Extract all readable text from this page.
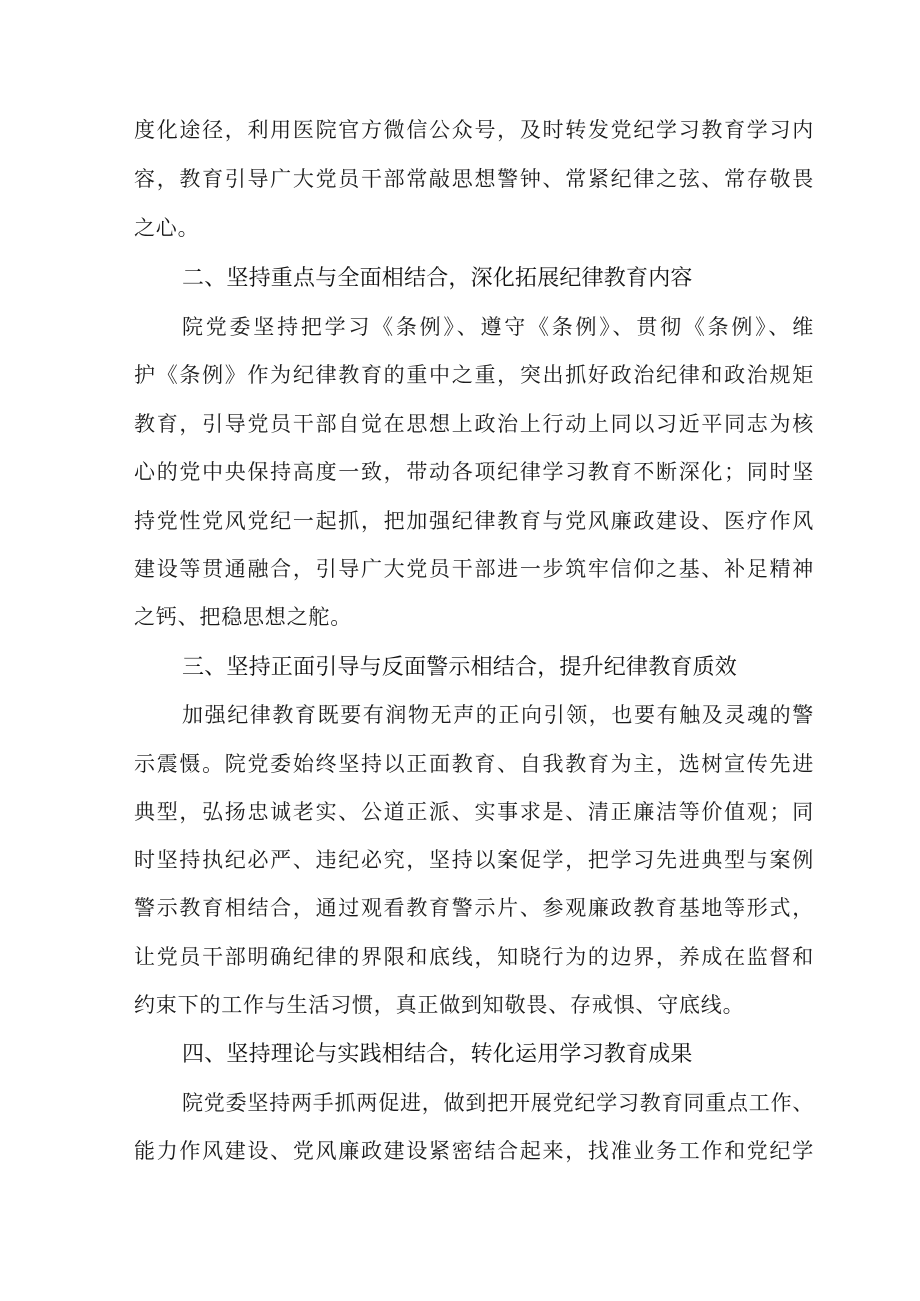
度化途径，利用医院官方微信公众号，及时转发党纪学习教育学习内
容，教育引导广大党员干部常敲思想警钟、常紧纪律之弦、常存敬畏
之心。
二、坚持重点与全面相结合，深化拓展纪律教育内容
院党委坚持把学习《条例》、遵守《条例》、贯彻《条例》、维
护《条例》作为纪律教育的重中之重，突出抓好政治纪律和政治规矩
教育，引导党员干部自觉在思想上政治上行动上同以习近平同志为核
心的党中央保持高度一致，带动各项纪律学习教育不断深化；同时坚
持党性党风党纪一起抓，把加强纪律教育与党风廉政建设、医疗作风
建设等贯通融合，引导广大党员干部进一步筑牢信仰之基、补足精神
之钙、把稳思想之舵。
三、坚持正面引导与反面警示相结合，提升纪律教育质效
加强纪律教育既要有润物无声的正向引领，也要有触及灵魂的警
示震慑。院党委始终坚持以正面教育、自我教育为主，选树宣传先进
典型，弘扬忠诚老实、公道正派、实事求是、清正廉洁等价值观；同
时坚持执纪必严、违纪必究，坚持以案促学，把学习先进典型与案例
警示教育相结合，通过观看教育警示片、参观廉政教育基地等形式，
让党员干部明确纪律的界限和底线，知晓行为的边界，养成在监督和
约束下的工作与生活习惯，真正做到知敬畏、存戒惧、守底线。
四、坚持理论与实践相结合，转化运用学习教育成果
院党委坚持两手抓两促进，做到把开展党纪学习教育同重点工作、
能力作风建设、党风廉政建设紧密结合起来，找准业务工作和党纪学
